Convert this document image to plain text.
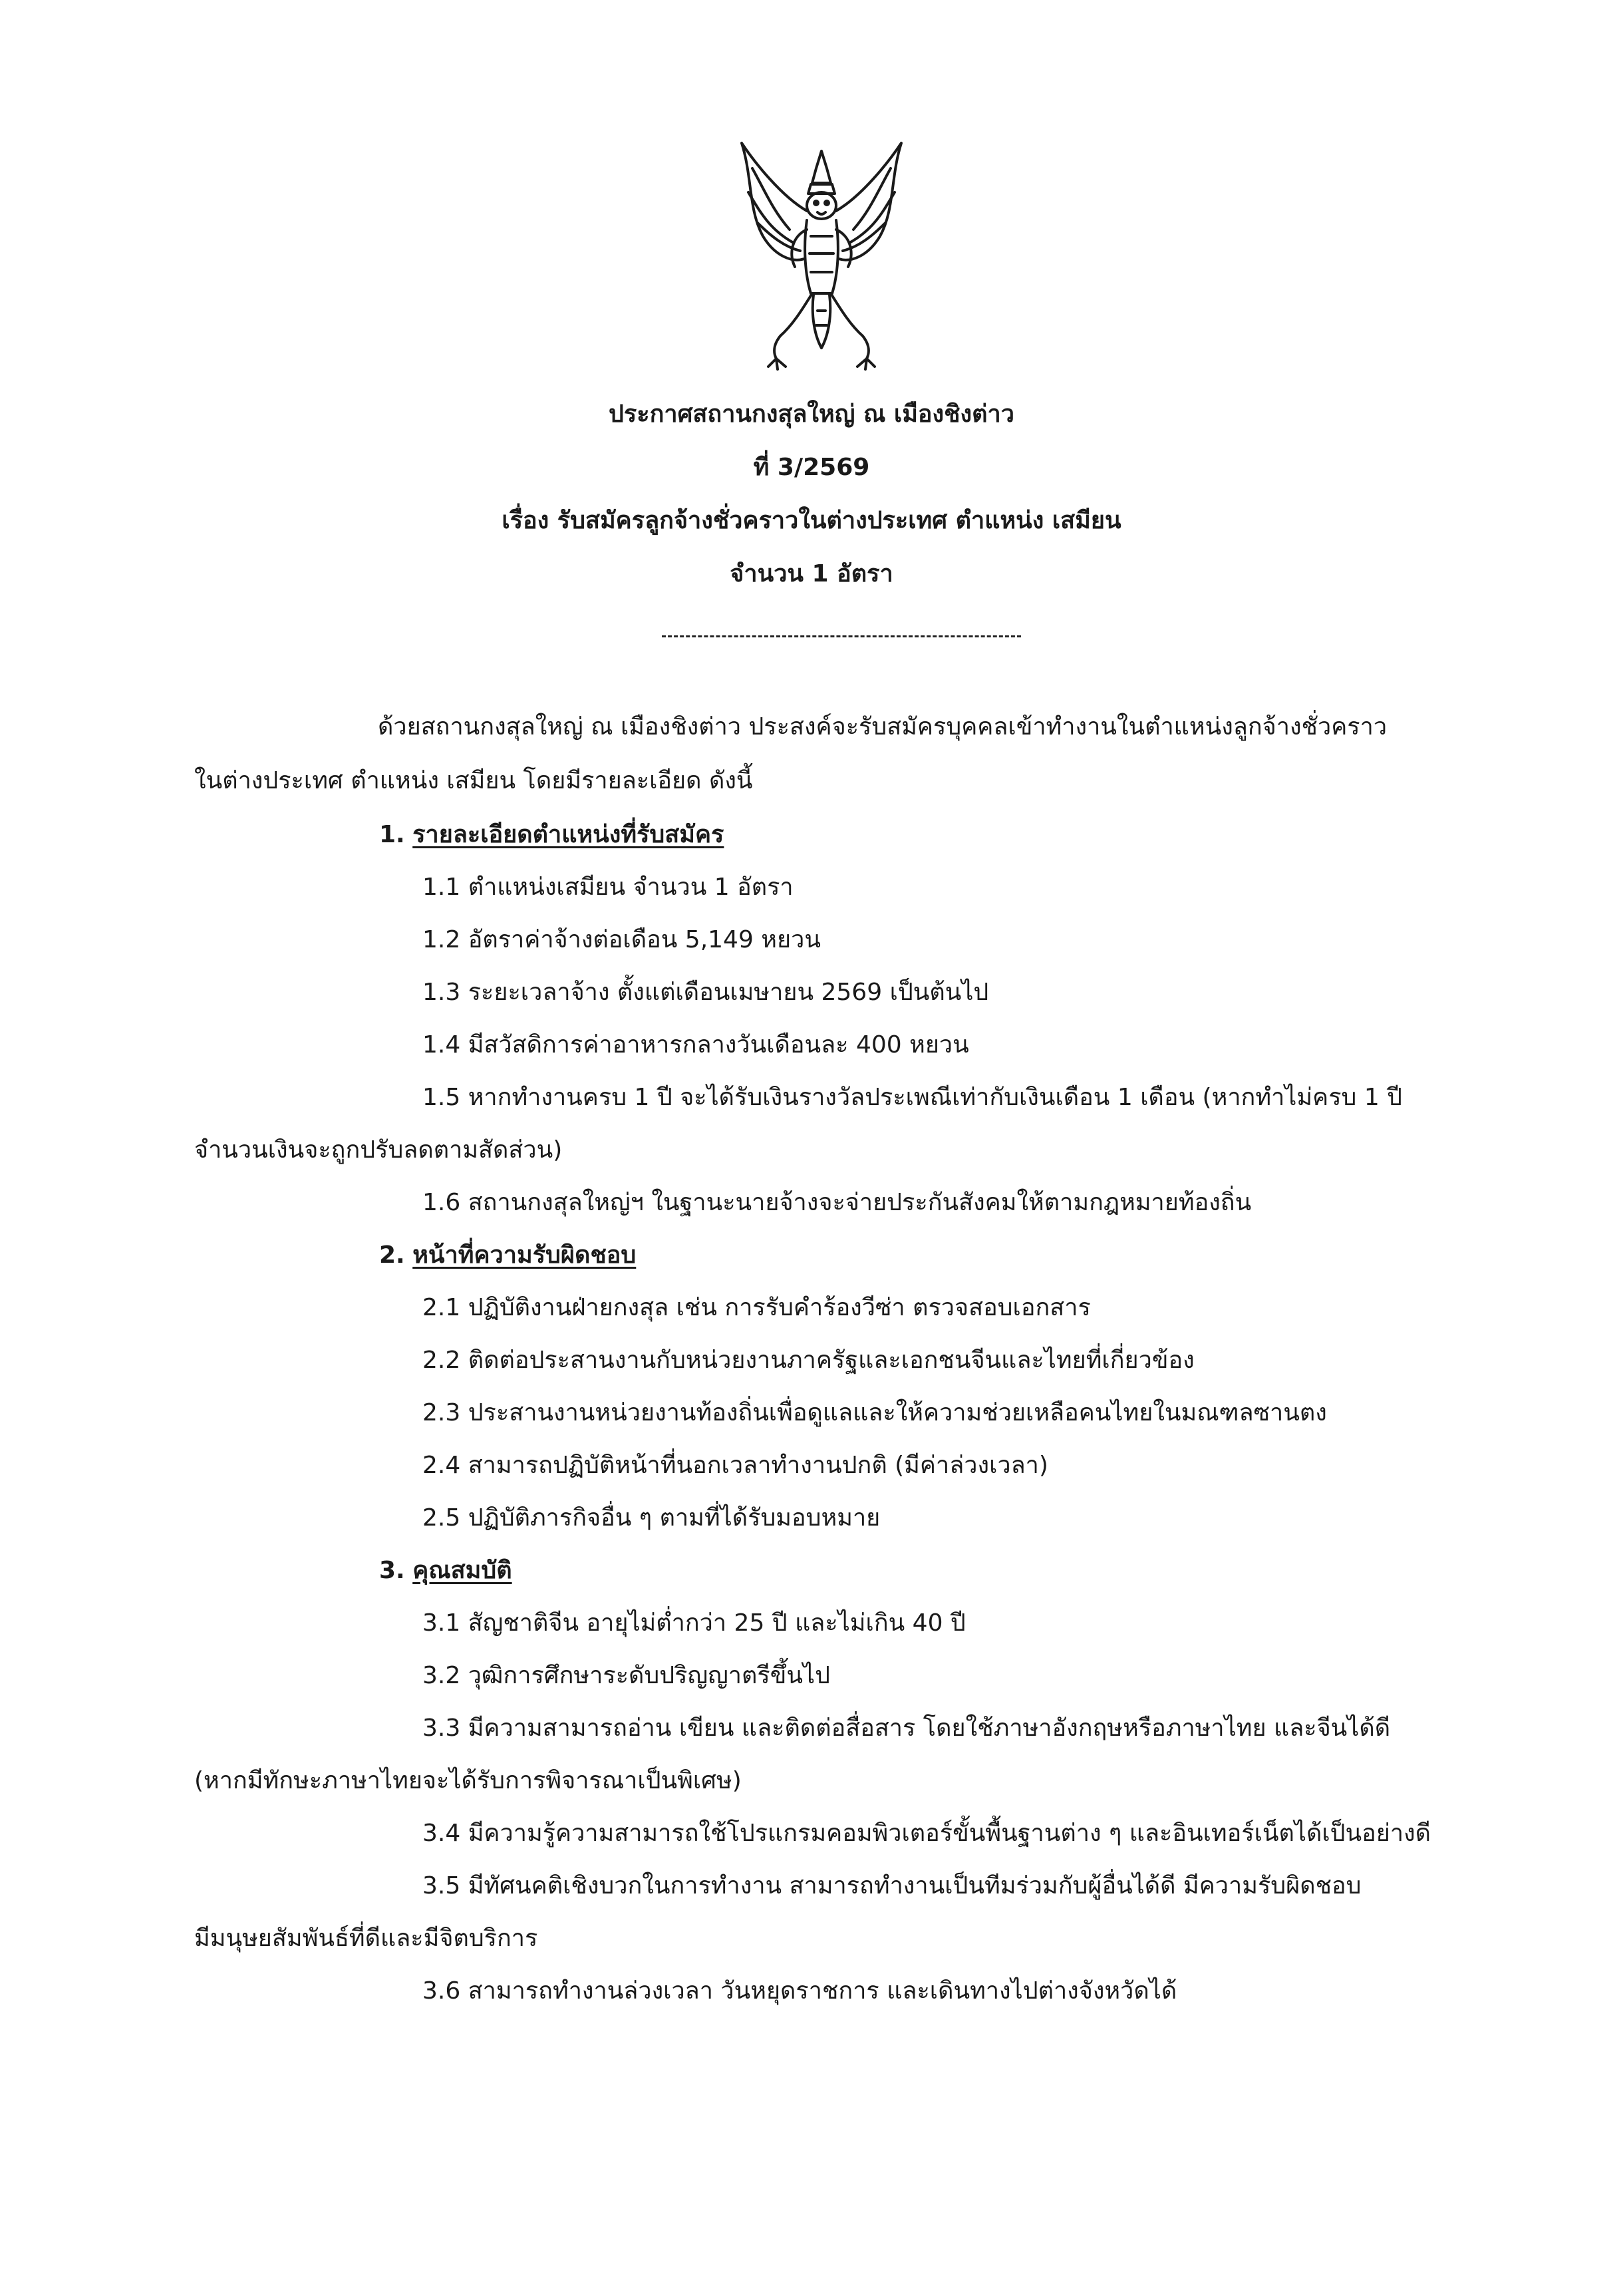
ประกาศสถานกงสุลใหญ่ ณ เมืองชิงต่าว
ที่ 3/2569
เรื่อง รับสมัครลูกจ้างชั่วคราวในต่างประเทศ ตำแหน่ง เสมียน
จำนวน 1 อัตรา
ด้วยสถานกงสุลใหญ่ ณ เมืองชิงต่าว ประสงค์จะรับสมัครบุคคลเข้าทำงานในตำแหน่งลูกจ้างชั่วคราว
ในต่างประเทศ ตำแหน่ง เสมียน โดยมีรายละเอียด ดังนี้
1. รายละเอียดตำแหน่งที่รับสมัคร
1.1 ตำแหน่งเสมียน จำนวน 1 อัตรา
1.2 อัตราค่าจ้างต่อเดือน 5,149 หยวน
1.3 ระยะเวลาจ้าง ตั้งแต่เดือนเมษายน 2569 เป็นต้นไป
1.4 มีสวัสดิการค่าอาหารกลางวันเดือนละ 400 หยวน
1.5 หากทำงานครบ 1 ปี จะได้รับเงินรางวัลประเพณีเท่ากับเงินเดือน 1 เดือน (หากทำไม่ครบ 1 ปี
จำนวนเงินจะถูกปรับลดตามสัดส่วน)
1.6 สถานกงสุลใหญ่ฯ ในฐานะนายจ้างจะจ่ายประกันสังคมให้ตามกฎหมายท้องถิ่น
2. หน้าที่ความรับผิดชอบ
2.1 ปฏิบัติงานฝ่ายกงสุล เช่น การรับคำร้องวีซ่า ตรวจสอบเอกสาร
2.2 ติดต่อประสานงานกับหน่วยงานภาครัฐและเอกชนจีนและไทยที่เกี่ยวข้อง
2.3 ประสานงานหน่วยงานท้องถิ่นเพื่อดูแลและให้ความช่วยเหลือคนไทยในมณฑลซานตง
2.4 สามารถปฏิบัติหน้าที่นอกเวลาทำงานปกติ (มีค่าล่วงเวลา)
2.5 ปฏิบัติภารกิจอื่น ๆ ตามที่ได้รับมอบหมาย
3. คุณสมบัติ
3.1 สัญชาติจีน อายุไม่ต่ำกว่า 25 ปี และไม่เกิน 40 ปี
3.2 วุฒิการศึกษาระดับปริญญาตรีขึ้นไป
3.3 มีความสามารถอ่าน เขียน และติดต่อสื่อสาร โดยใช้ภาษาอังกฤษหรือภาษาไทย และจีนได้ดี
(หากมีทักษะภาษาไทยจะได้รับการพิจารณาเป็นพิเศษ)
3.4 มีความรู้ความสามารถใช้โปรแกรมคอมพิวเตอร์ขั้นพื้นฐานต่าง ๆ และอินเทอร์เน็ตได้เป็นอย่างดี
3.5 มีทัศนคติเชิงบวกในการทำงาน สามารถทำงานเป็นทีมร่วมกับผู้อื่นได้ดี มีความรับผิดชอบ
มีมนุษยสัมพันธ์ที่ดีและมีจิตบริการ
3.6 สามารถทำงานล่วงเวลา วันหยุดราชการ และเดินทางไปต่างจังหวัดได้
